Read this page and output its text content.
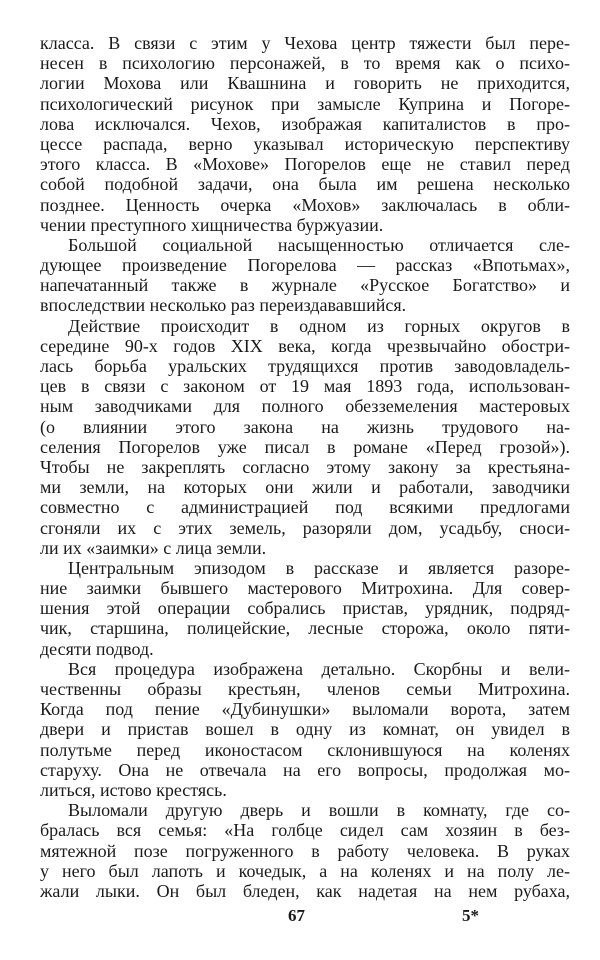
класса. В связи с этим у Чехова центр тяжести был пере-
несен в психологию персонажей, в то время как о психо-
логии Мохова или Квашнина и говорить не приходится,
психологический рисунок при замысле Куприна и Погоре-
лова исключался. Чехов, изображая капиталистов в про-
цессе распада, верно указывал историческую перспективу
этого класса. В «Мохове» Погорелов еще не ставил перед
собой подобной задачи, она была им решена несколько
позднее. Ценность очерка «Мохов» заключалась в обли-
чении преступного хищничества буржуазии.
Большой социальной насыщенностью отличается сле-
дующее произведение Погорелова — рассказ «Впотьмах»,
напечатанный также в журнале «Русское Богатство» и
впоследствии несколько раз переиздававшийся.
Действие происходит в одном из горных округов в
середине 90-х годов XIX века, когда чрезвычайно обостри-
лась борьба уральских трудящихся против заводовладель-
цев в связи с законом от 19 мая 1893 года, использован-
ным заводчиками для полного обезземеления мастеровых
(о влиянии этого закона на жизнь трудового на-
селения Погорелов уже писал в романе «Перед грозой»).
Чтобы не закреплять согласно этому закону за крестьяна-
ми земли, на которых они жили и работали, заводчики
совместно с администрацией под всякими предлогами
сгоняли их с этих земель, разоряли дом, усадьбу, сноси-
ли их «заимки» с лица земли.
Центральным эпизодом в рассказе и является разоре-
ние заимки бывшего мастерового Митрохина. Для совер-
шения этой операции собрались пристав, урядник, подряд-
чик, старшина, полицейские, лесные сторожа, около пяти-
десяти подвод.
Вся процедура изображена детально. Скорбны и вели-
чественны образы крестьян, членов семьи Митрохина.
Когда под пение «Дубинушки» выломали ворота, затем
двери и пристав вошел в одну из комнат, он увидел в
полутьме перед иконостасом склонившуюся на коленях
старуху. Она не отвечала на его вопросы, продолжая мо-
литься, истово крестясь.
Выломали другую дверь и вошли в комнату, где со-
бралась вся семья: «На голбце сидел сам хозяин в без-
мятежной позе погруженного в работу человека. В руках
у него был лапоть и кочедык, а на коленях и на полу ле-
жали лыки. Он был бледен, как надетая на нем рубаха,
67	5*
